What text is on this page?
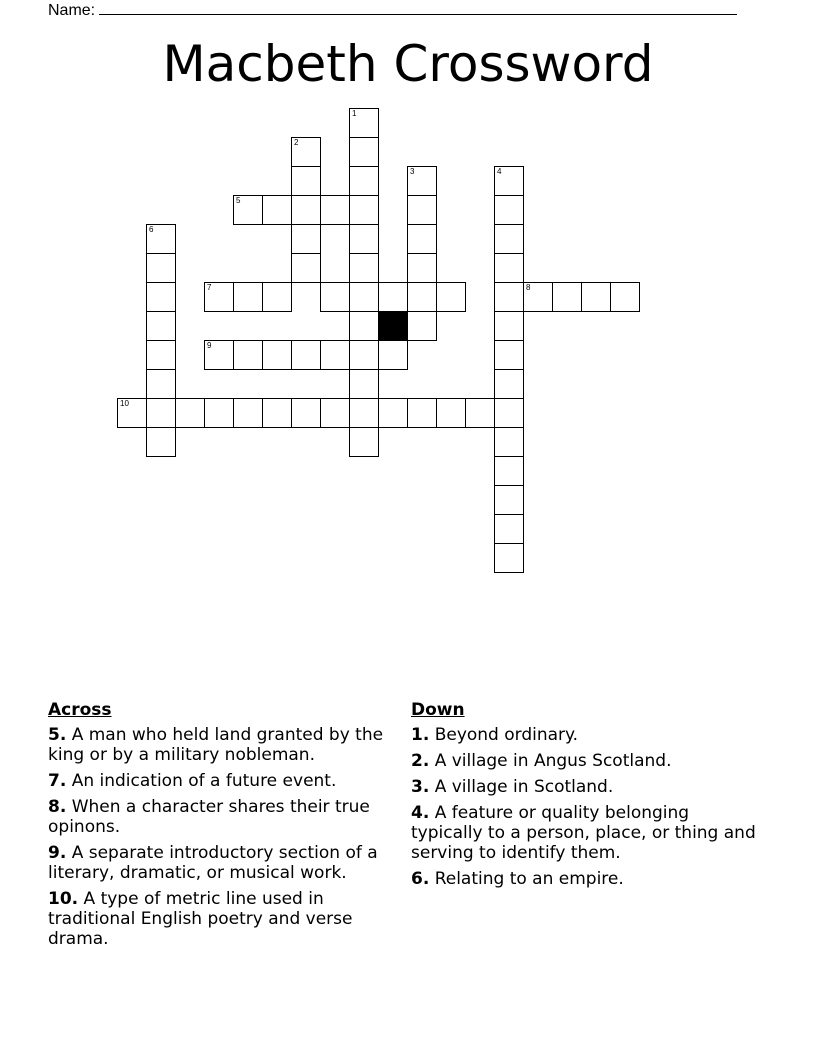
Name:
Macbeth Crossword
1
2
3	4
5
6
7	8
9
10
Across
5. A man who held land granted by the king or by a military nobleman.
7. An indication of a future event.
8. When a character shares their true opinons.
9. A separate introductory section of a literary, dramatic, or musical work.
10. A type of metric line used in traditional English poetry and verse drama.
Down
1. Beyond ordinary.
2. A village in Angus Scotland.
3. A village in Scotland.
4. A feature or quality belonging typically to a person, place, or thing and serving to identify them.
6. Relating to an empire.
